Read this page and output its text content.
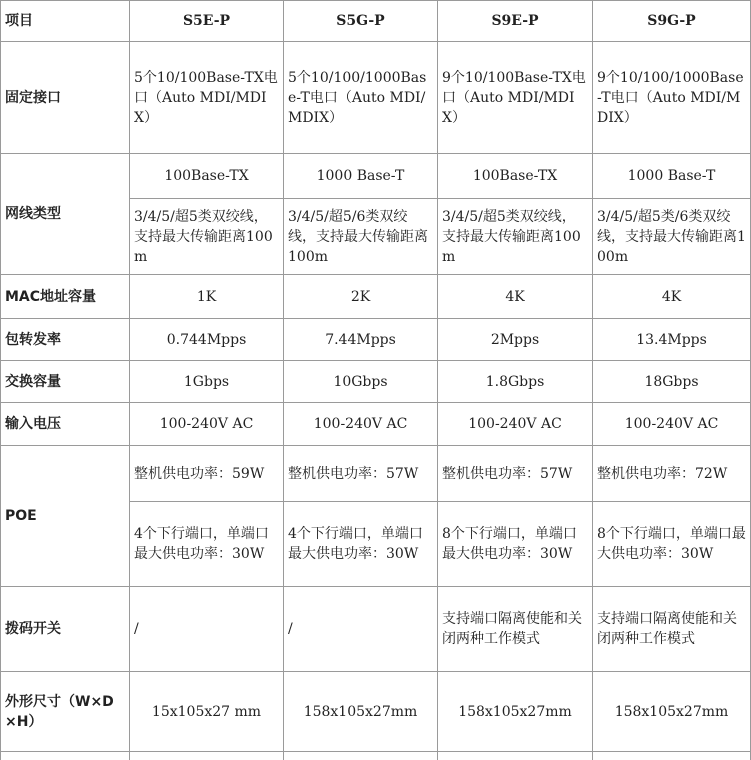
项目	S5E-P	S5G-P	S9E-P	S9G-P
固定接口	5个10/100Base-TX电口（Auto MDI/MDIX）	5个10/100/1000Base-T电口（Auto MDI/MDIX）	9个10/100Base-TX电口（Auto MDI/MDIX）	9个10/100/1000Base-T电口（Auto MDI/MDIX）
网线类型	100Base-TX	1000 Base-T	100Base-TX	1000 Base-T
	3/4/5/超5类双绞线，支持最大传输距离100m	3/4/5/超5/6类双绞线，支持最大传输距离100m	3/4/5/超5类双绞线，支持最大传输距离100m	3/4/5/超5类/6类双绞线，支持最大传输距离100m
MAC地址容量	1K	2K	4K	4K
包转发率	0.744Mpps	7.44Mpps	2Mpps	13.4Mpps
交换容量	1Gbps	10Gbps	1.8Gbps	18Gbps
输入电压	100-240V AC	100-240V AC	100-240V AC	100-240V AC
POE	整机供电功率：59W	整机供电功率：57W	整机供电功率：57W	整机供电功率：72W
	4个下行端口，单端口最大供电功率：30W	4个下行端口，单端口最大供电功率：30W	8个下行端口，单端口最大供电功率：30W	8个下行端口，单端口最大供电功率：30W
拨码开关	/	/	支持端口隔离使能和关闭两种工作模式	支持端口隔离使能和关闭两种工作模式
外形尺寸（W×D×H）	15x105x27 mm	158x105x27mm	158x105x27mm	158x105x27mm
